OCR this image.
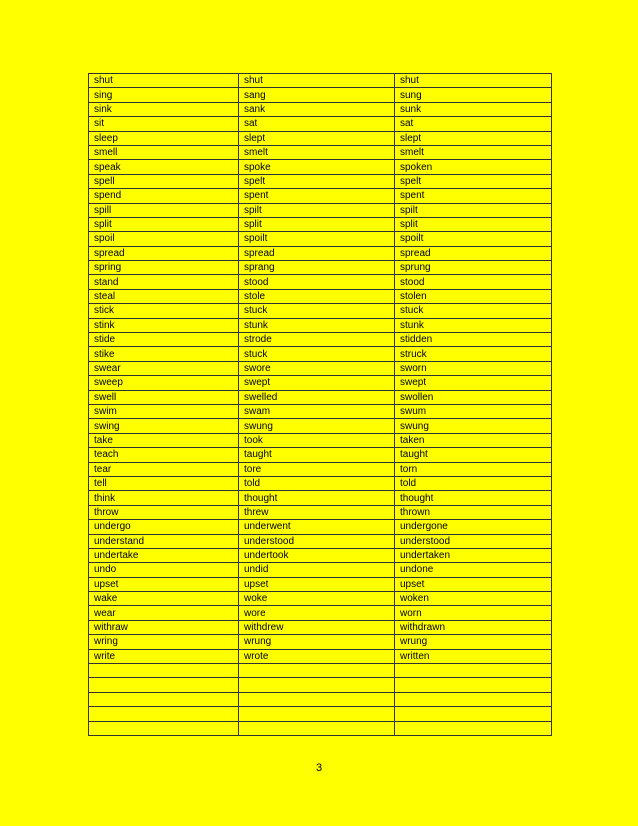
shut	shut	shut
sing	sang	sung
sink	sank	sunk
sit	sat	sat
sleep	slept	slept
smell	smelt	smelt
speak	spoke	spoken
spell	spelt	spelt
spend	spent	spent
spill	spilt	spilt
split	split	split
spoil	spoilt	spoilt
spread	spread	spread
spring	sprang	sprung
stand	stood	stood
steal	stole	stolen
stick	stuck	stuck
stink	stunk	stunk
stide	strode	stidden
stike	stuck	struck
swear	swore	sworn
sweep	swept	swept
swell	swelled	swollen
swim	swam	swum
swing	swung	swung
take	took	taken
teach	taught	taught
tear	tore	torn
tell	told	told
think	thought	thought
throw	threw	thrown
undergo	underwent	undergone
understand	understood	understood
undertake	undertook	undertaken
undo	undid	undone
upset	upset	upset
wake	woke	woken
wear	wore	worn
withraw	withdrew	withdrawn
wring	wrung	wrung
write	wrote	written

3
